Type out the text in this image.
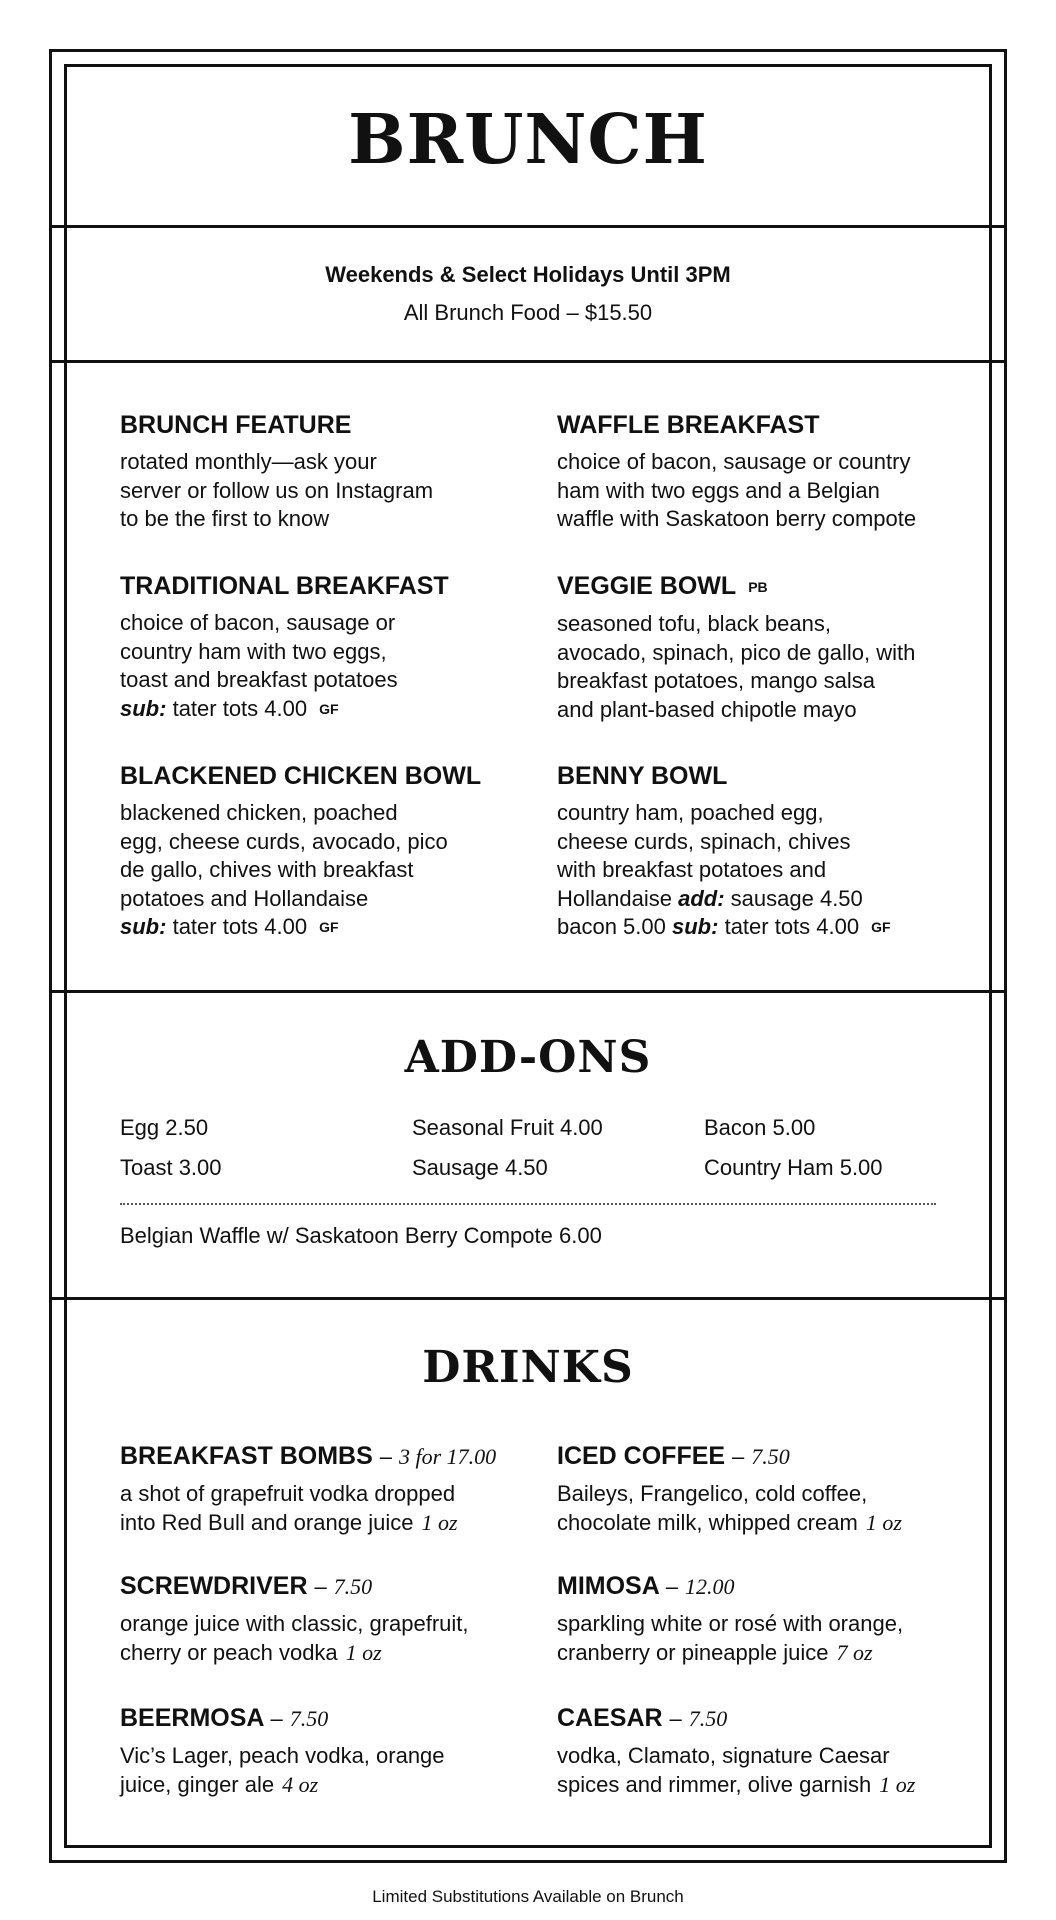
BRUNCH

Weekends & Select Holidays Until 3PM

All Brunch Food – $15.50

BRUNCH FEATURE

rotated monthly—ask your
server or follow us on Instagram
to be the first to know

WAFFLE BREAKFAST

choice of bacon, sausage or country
ham with two eggs and a Belgian
waffle with Saskatoon berry compote

TRADITIONAL BREAKFAST

choice of bacon, sausage or
country ham with two eggs,
toast and breakfast potatoes
sub: tater tots 4.00 GF

VEGGIE BOWL PB

seasoned tofu, black beans,
avocado, spinach, pico de gallo, with
breakfast potatoes, mango salsa
and plant-based chipotle mayo

BLACKENED CHICKEN BOWL

blackened chicken, poached
egg, cheese curds, avocado, pico
de gallo, chives with breakfast
potatoes and Hollandaise
sub: tater tots 4.00 GF

BENNY BOWL

country ham, poached egg,
cheese curds, spinach, chives
with breakfast potatoes and
Hollandaise add: sausage 4.50
bacon 5.00 sub: tater tots 4.00 GF

ADD-ONS
Egg 2.50	Seasonal Fruit 4.00	Bacon 5.00
Toast 3.00	Sausage 4.50	Country Ham 5.00
Belgian Waffle w/ Saskatoon Berry Compote 6.00
DRINKS

BREAKFAST BOMBS – 3 for 17.00

a shot of grapefruit vodka dropped
into Red Bull and orange juice 1 oz

ICED COFFEE – 7.50

Baileys, Frangelico, cold coffee,
chocolate milk, whipped cream 1 oz

SCREWDRIVER – 7.50

orange juice with classic, grapefruit,
cherry or peach vodka 1 oz

MIMOSA – 12.00

sparkling white or rosé with orange,
cranberry or pineapple juice 7 oz

BEERMOSA – 7.50

Vic’s Lager, peach vodka, orange
juice, ginger ale 4 oz

CAESAR – 7.50

vodka, Clamato, signature Caesar
spices and rimmer, olive garnish 1 oz

Limited Substitutions Available on Brunch
